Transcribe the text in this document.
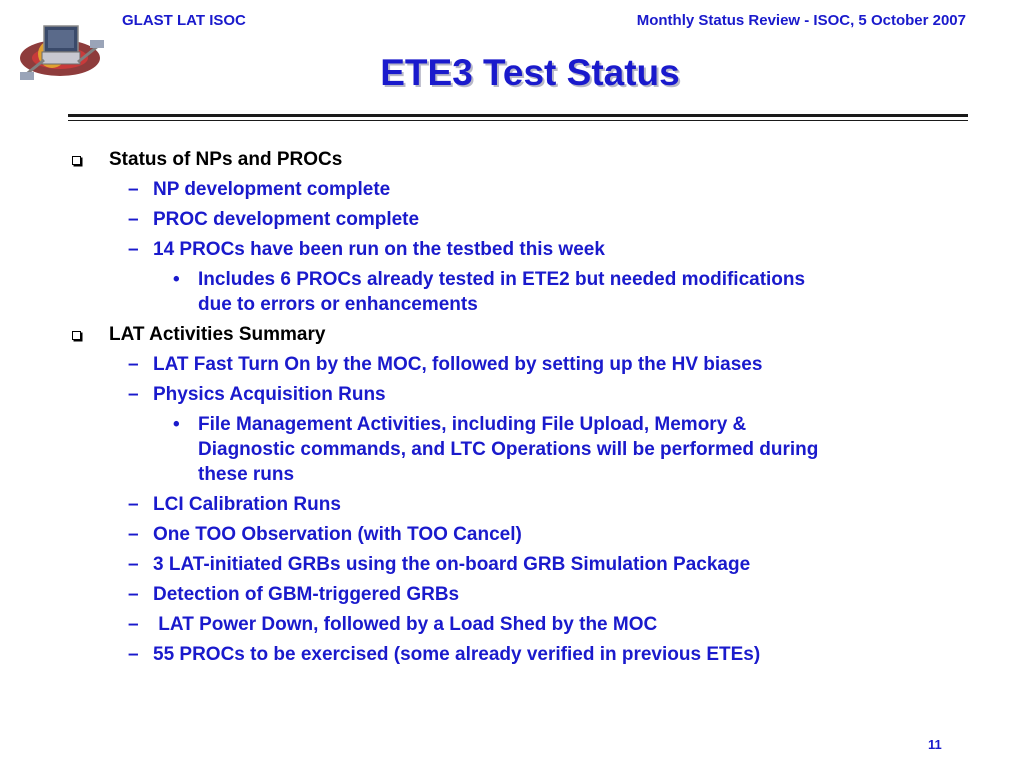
GLAST LAT ISOC	Monthly Status Review - ISOC, 5 October 2007
ETE3 Test Status
Status of NPs and PROCs
– NP development complete
– PROC development complete
– 14 PROCs have been run on the testbed this week
• Includes 6 PROCs already tested in ETE2 but needed modifications
due to errors or enhancements
LAT Activities Summary
– LAT Fast Turn On by the MOC, followed by setting up the HV biases
– Physics Acquisition Runs
• File Management Activities, including File Upload, Memory &
Diagnostic commands, and LTC Operations will be performed during
these runs
– LCI Calibration Runs
– One TOO Observation (with TOO Cancel)
– 3 LAT-initiated GRBs using the on-board GRB Simulation Package
– Detection of GBM-triggered GRBs
– LAT Power Down, followed by a Load Shed by the MOC
– 55 PROCs to be exercised (some already verified in previous ETEs)
11
